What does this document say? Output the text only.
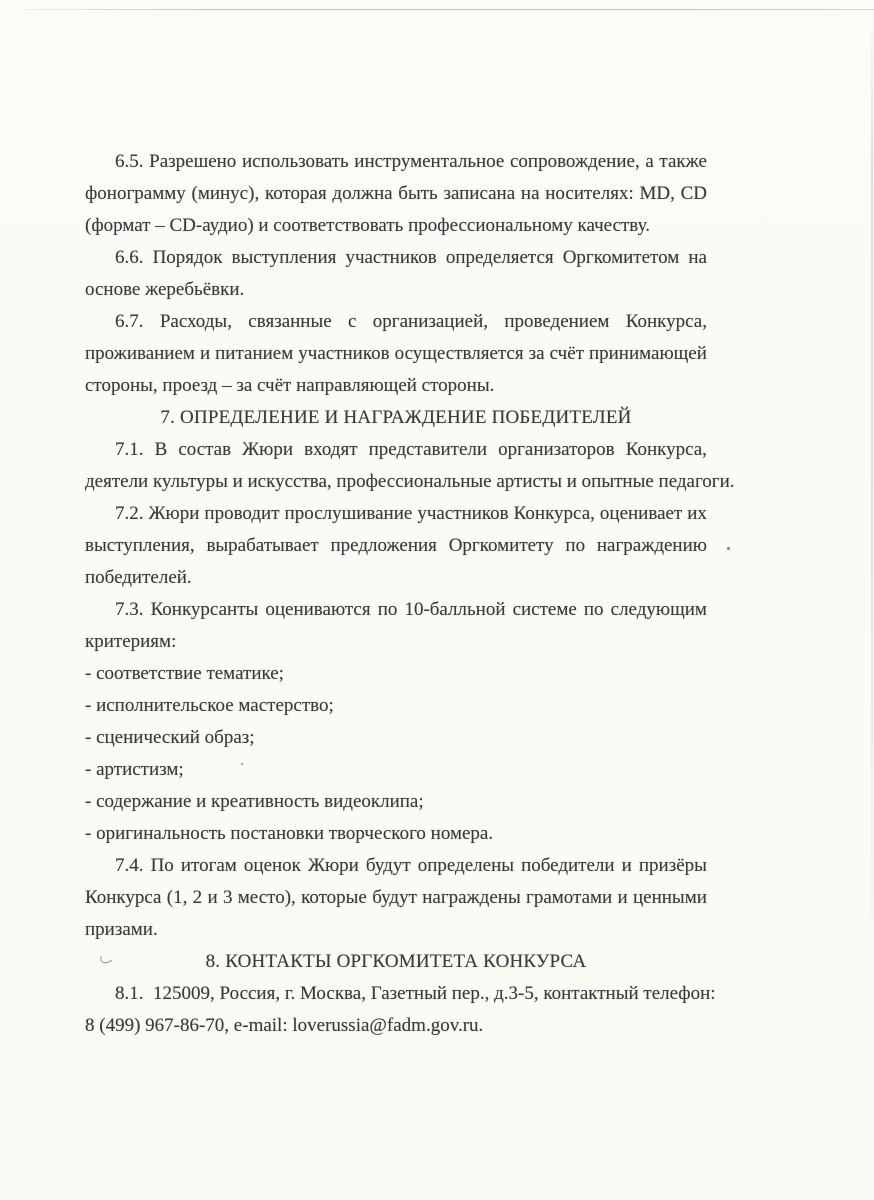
6.5. Разрешено использовать инструментальное сопровождение, а также
фонограмму (минус), которая должна быть записана на носителях: MD, CD
(формат – CD-аудио) и соответствовать профессиональному качеству.
6.6. Порядок выступления участников определяется Оргкомитетом на
основе жеребьёвки.
6.7. Расходы, связанные с организацией, проведением Конкурса,
проживанием и питанием участников осуществляется за счёт принимающей
стороны, проезд – за счёт направляющей стороны.
7. ОПРЕДЕЛЕНИЕ И НАГРАЖДЕНИЕ ПОБЕДИТЕЛЕЙ
7.1. В состав Жюри входят представители организаторов Конкурса,
деятели культуры и искусства, профессиональные артисты и опытные педагоги.
7.2. Жюри проводит прослушивание участников Конкурса, оценивает их
выступления, вырабатывает предложения Оргкомитету по награждению
победителей.
7.3. Конкурсанты оцениваются по 10-балльной системе по следующим
критериям:
- соответствие тематике;
- исполнительское мастерство;
- сценический образ;
- артистизм;
- содержание и креативность видеоклипа;
- оригинальность постановки творческого номера.
7.4. По итогам оценок Жюри будут определены победители и призёры
Конкурса (1, 2 и 3 место), которые будут награждены грамотами и ценными
призами.
8. КОНТАКТЫ ОРГКОМИТЕТА КОНКУРСА
8.1.
125009, Россия, г. Москва, Газетный пер., д.3-5, контактный телефон:
8 (499) 967-86-70, e-mail: loverussia@fadm.gov.ru.
